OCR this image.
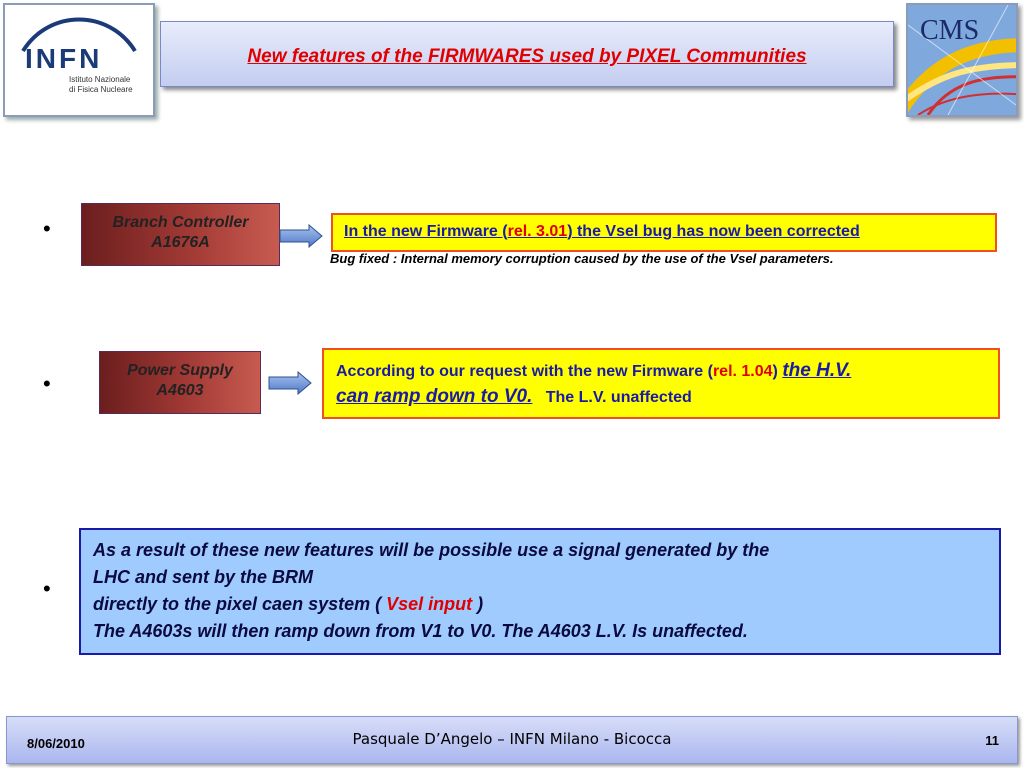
INFN
Istituto Nazionale
di Fisica Nucleare
New features of the FIRMWARES used by PIXEL Communities
CMS
•	Branch Controller
A1676A
In the new Firmware (rel. 3.01) the Vsel bug has now been corrected
Bug fixed : Internal memory corruption caused by the use of the Vsel parameters.
•
Power Supply
A4603
According to our request with the new Firmware (rel. 1.04) the H.V.
can ramp down to V0. The L.V. unaffected
•
As a result of these new features will be possible use a signal generated by the
LHC and sent by the BRM
directly to the pixel caen system ( Vsel input )
The A4603s will then ramp down from V1 to V0. The A4603 L.V. Is unaffected.
8/06/2010	Pasquale D’Angelo – INFN Milano - Bicocca	11
